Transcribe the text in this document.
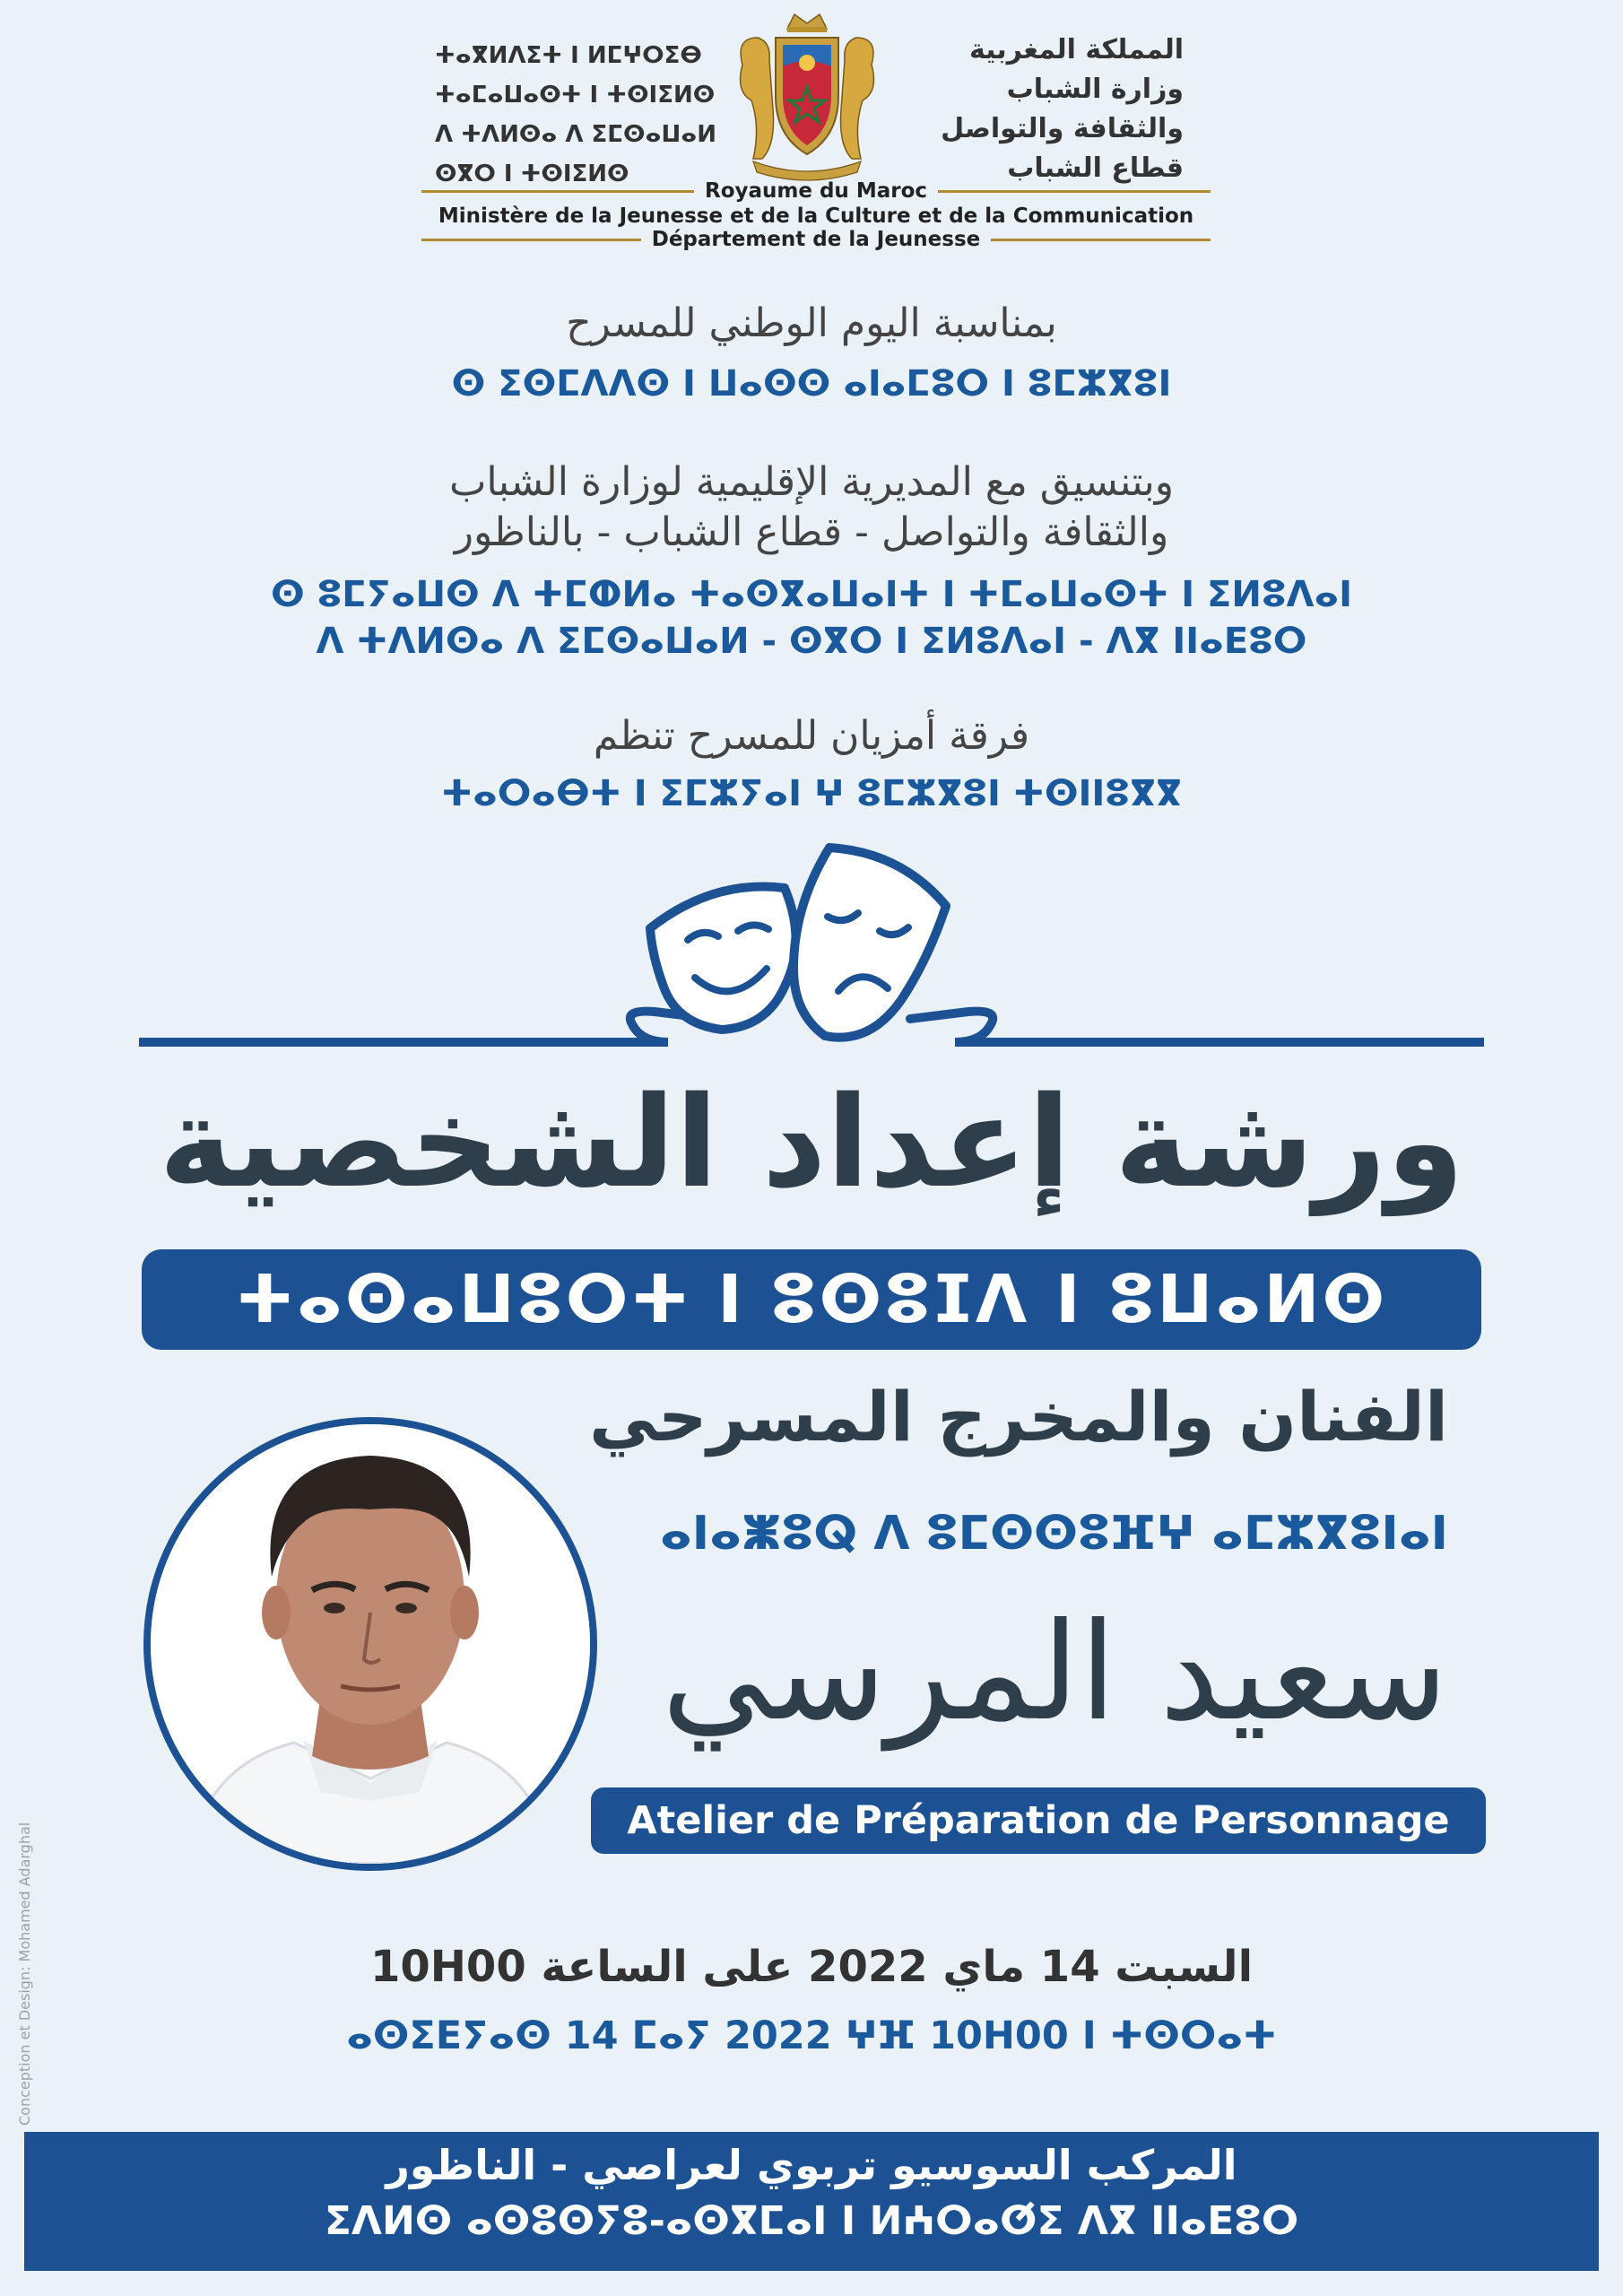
ⵜⴰⴳⵍⴷⵉⵜ ⵏ ⵍⵎⵖⵔⵉⴱ
ⵜⴰⵎⴰⵡⴰⵙⵜ ⵏ ⵜⵙⵏⵉⵍⵙ
ⴷ ⵜⴷⵍⵙⴰ ⴷ ⵉⵎⵙⴰⵡⴰⵍ
ⵙⴳⵔ ⵏ ⵜⵙⵏⵉⵍⵙ
المملكة المغربية
وزارة الشباب
والثقافة والتواصل
قطاع الشباب
Royaume du Maroc
Ministère de la Jeunesse et de la Culture et de la Communication
Département de la Jeunesse
بمناسبة اليوم الوطني للمسرح
ⵙ ⵉⵙⵎⴷⴷⵙ ⵏ ⵡⴰⵙⵙ ⴰⵏⴰⵎⵓⵔ ⵏ ⵓⵎⵣⴳⵓⵏ
وبتنسيق مع المديرية الإقليمية لوزارة الشباب
والثقافة والتواصل - قطاع الشباب - بالناظور
ⵙ ⵓⵎⵢⴰⵡⵙ ⴷ ⵜⵎⵀⵍⴰ ⵜⴰⵙⴳⴰⵡⴰⵏⵜ ⵏ ⵜⵎⴰⵡⴰⵙⵜ ⵏ ⵉⵍⵓⴷⴰⵏ
ⴷ ⵜⴷⵍⵙⴰ ⴷ ⵉⵎⵙⴰⵡⴰⵍ - ⵙⴳⵔ ⵏ ⵉⵍⵓⴷⴰⵏ - ⴷⴳ ⵏⵏⴰⴹⵓⵔ
فرقة أمزيان للمسرح تنظم
ⵜⴰⵔⴰⴱⵜ ⵏ ⵉⵎⵣⵢⴰⵏ ⵖ ⵓⵎⵣⴳⵓⵏ ⵜⵙⵏⵏⵓⴳⴳ
ورشة إعداد الشخصية
ⵜⴰⵙⴰⵡⵓⵔⵜ ⵏ ⵓⵙⵓⵊⴷ ⵏ ⵓⵡⴰⵍⵙ
الفنان والمخرج المسرحي
ⴰⵏⴰⵥⵓⵕ ⴷ ⵓⵎⵙⵙⵓⴼⵖ ⴰⵎⵣⴳⵓⵏⴰⵏ
سعيد المرسي
Atelier de Préparation de Personnage
السبت 14 ماي 2022 على الساعة 10H00
ⴰⵙⵉⴹⵢⴰⵙ 14 ⵎⴰⵢ 2022 ⵖⴼ 10H00 ⵏ ⵜⵙⵔⴰⵜ
المركب السوسيو تربوي لعراصي - الناظور
ⵉⴷⵍⵙ ⴰⵙⵓⵙⵢⵓ-ⴰⵙⴳⵎⴰⵏ ⵏ ⵍⵄⵔⴰⵚⵉ ⴷⴳ ⵏⵏⴰⴹⵓⵔ
Conception et Design: Mohamed Adarghal
